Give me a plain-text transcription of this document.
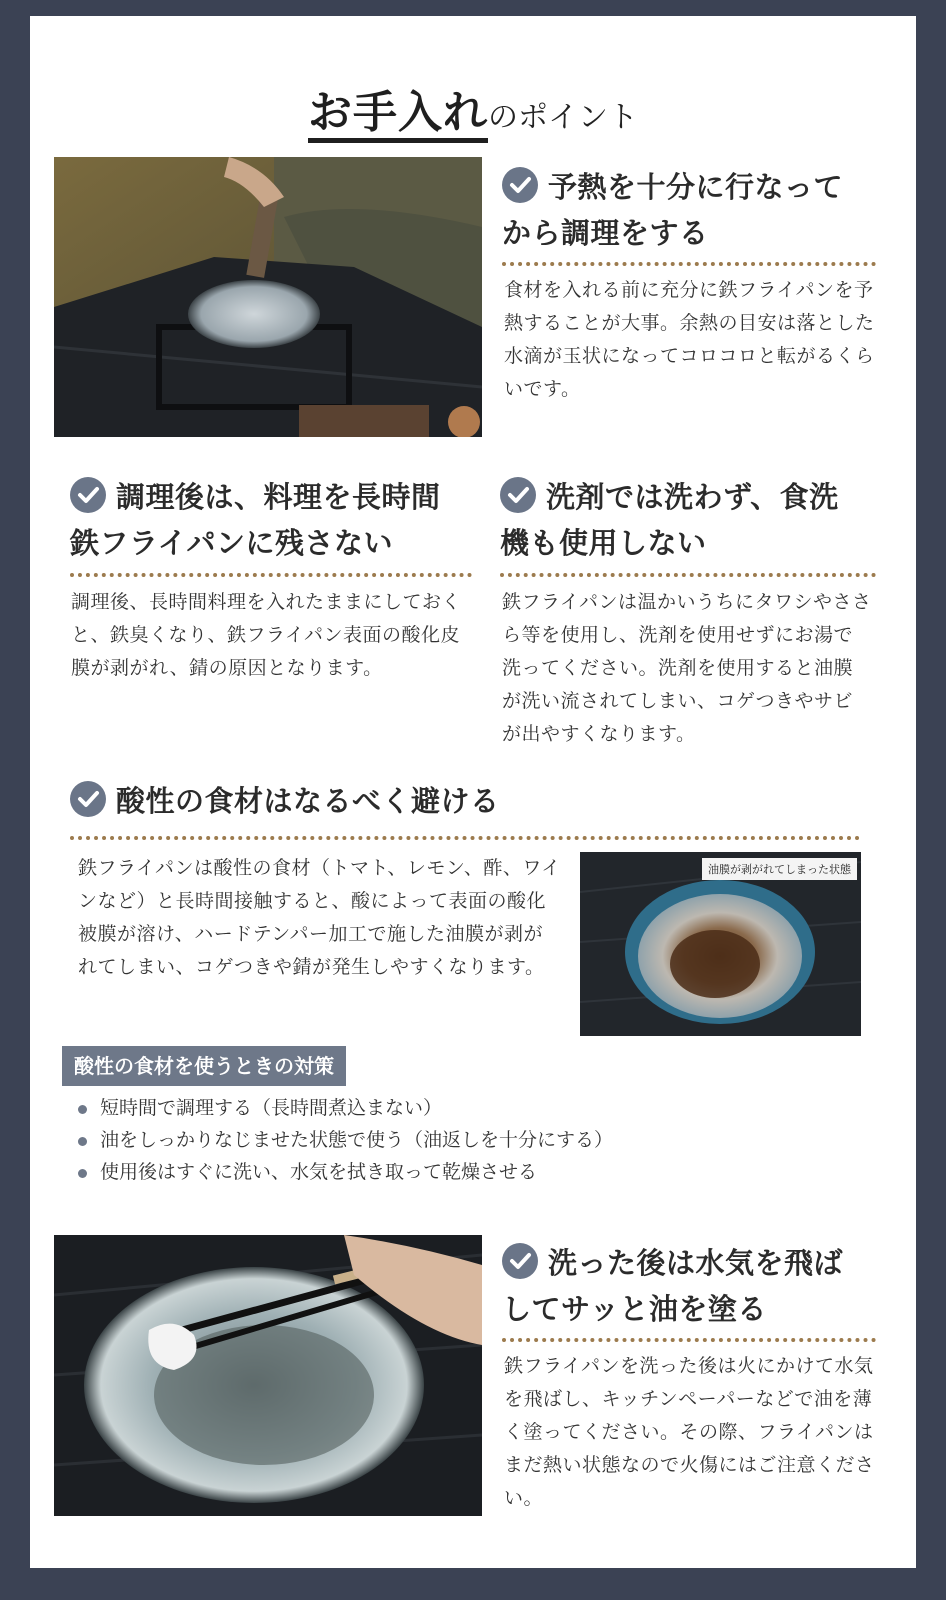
お手入れのポイント
予熱を十分に行なって
から調理をする
食材を入れる前に充分に鉄フライパンを予熱することが大事。余熱の目安は落とした水滴が玉状になってコロコロと転がるくらいです。
調理後は、料理を長時間
鉄フライパンに残さない
調理後、長時間料理を入れたままにしておくと、鉄臭くなり、鉄フライパン表面の酸化皮膜が剥がれ、錆の原因となります。
洗剤では洗わず、食洗
機も使用しない
鉄フライパンは温かいうちにタワシやささら等を使用し、洗剤を使用せずにお湯で洗ってください。洗剤を使用すると油膜が洗い流されてしまい、コゲつきやサビが出やすくなります。
酸性の食材はなるべく避ける
鉄フライパンは酸性の食材（トマト、レモン、酢、ワインなど）と長時間接触すると、酸によって表面の酸化被膜が溶け、ハードテンパー加工で施した油膜が剥がれてしまい、コゲつきや錆が発生しやすくなります。
油膜が剥がれてしまった状態
酸性の食材を使うときの対策
短時間で調理する（長時間煮込まない）
油をしっかりなじませた状態で使う（油返しを十分にする）
使用後はすぐに洗い、水気を拭き取って乾燥させる
洗った後は水気を飛ば
してサッと油を塗る
鉄フライパンを洗った後は火にかけて水気を飛ばし、キッチンペーパーなどで油を薄く塗ってください。その際、フライパンはまだ熱い状態なので火傷にはご注意ください。
